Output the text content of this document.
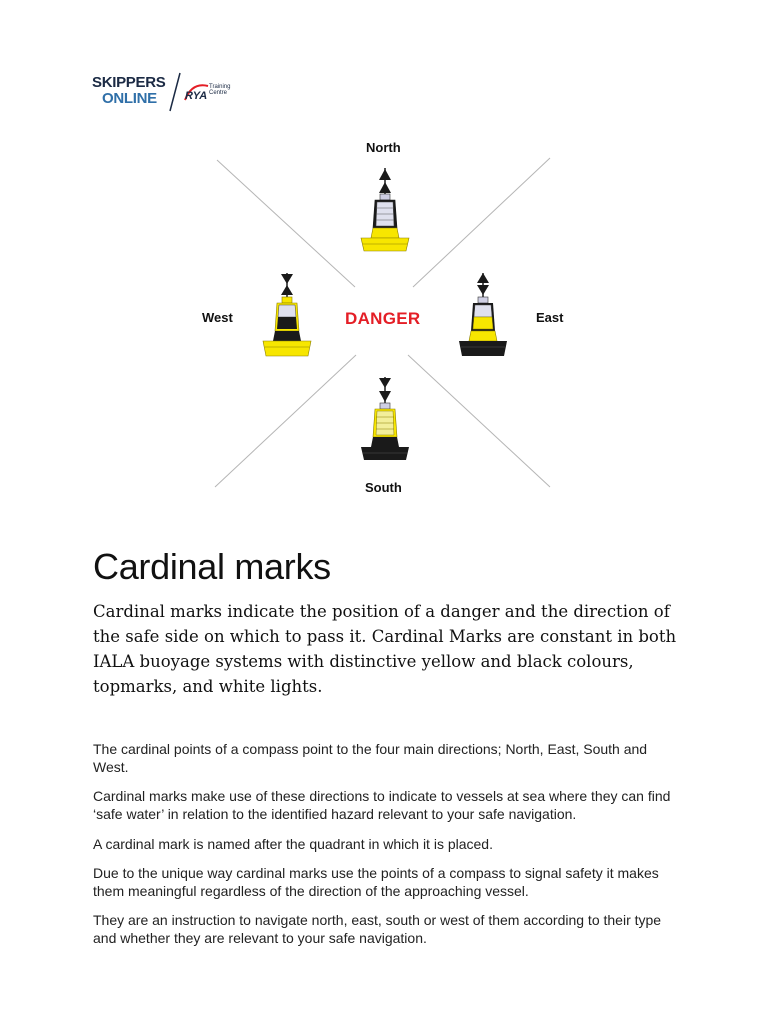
SKIPPERS
ONLINE	RYA
Training
Centre
North
East
South
West	DANGER
Cardinal marks

Cardinal marks indicate the position of a danger and the direction of the safe side on which to pass it. Cardinal Marks are constant in both IALA buoyage systems with distinctive yellow and black colours, topmarks, and white lights.

The cardinal points of a compass point to the four main directions; North, East, South and West.

Cardinal marks make use of these directions to indicate to vessels at sea where they can find ‘safe water’ in relation to the identified hazard relevant to your safe navigation.

A cardinal mark is named after the quadrant in which it is placed.

Due to the unique way cardinal marks use the points of a compass to signal safety it makes them meaningful regardless of the direction of the approaching vessel.

They are an instruction to navigate north, east, south or west of them according to their type and whether they are relevant to your safe navigation.
